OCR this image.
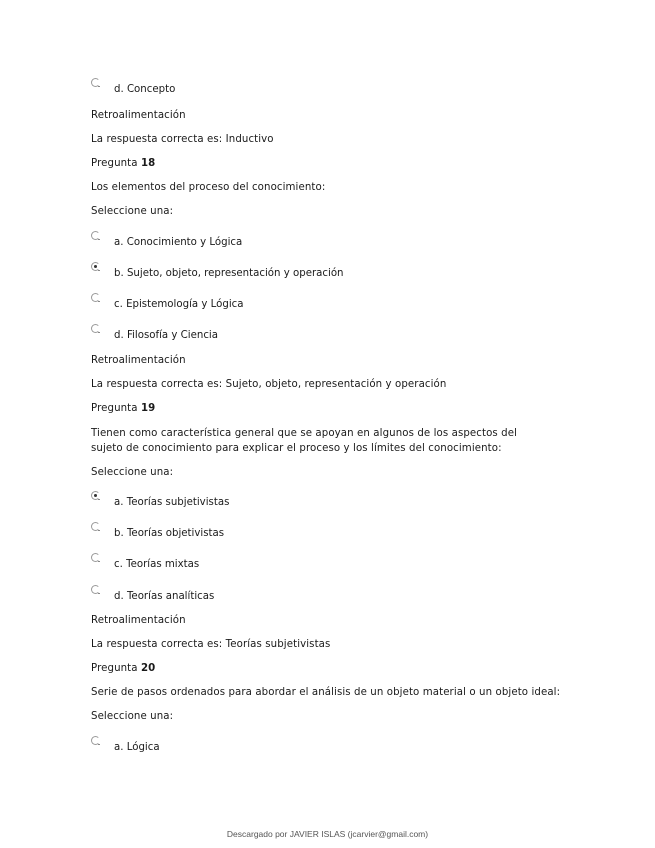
d. Concepto
Retroalimentación
La respuesta correcta es: Inductivo
Pregunta 18
Los elementos del proceso del conocimiento:
Seleccione una:
a. Conocimiento y Lógica
b. Sujeto, objeto, representación y operación
c. Epistemología y Lógica
d. Filosofía y Ciencia
Retroalimentación
La respuesta correcta es: Sujeto, objeto, representación y operación
Pregunta 19
Tienen como característica general que se apoyan en algunos de los aspectos del sujeto de conocimiento para explicar el proceso y los límites del conocimiento:
Seleccione una:
a. Teorías subjetivistas
b. Teorías objetivistas
c. Teorías mixtas
d. Teorías analíticas
Retroalimentación
La respuesta correcta es: Teorías subjetivistas
Pregunta 20
Serie de pasos ordenados para abordar el análisis de un objeto material o un objeto ideal:
Seleccione una:
a. Lógica
Descargado por JAVIER ISLAS (jcarvier@gmail.com)
